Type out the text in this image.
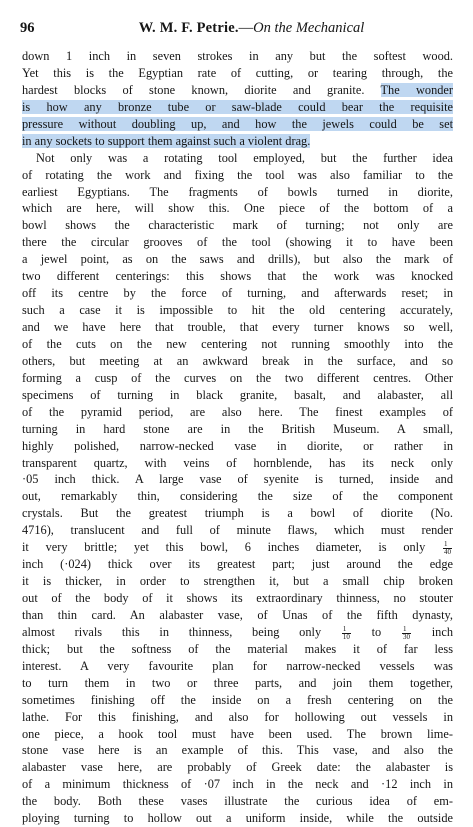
96	W. M. F. Petrie.—On the Mechanical

down 1 inch in seven strokes in any but the softest wood.
Yet this is the Egyptian rate of cutting, or tearing through, the
hardest blocks of stone known, diorite and granite. The wonder
is how any bronze tube or saw-blade could bear the requisite
pressure without doubling up, and how the jewels could be set
in any sockets to support them against such a violent drag.

Not only was a rotating tool employed, but the further idea
of rotating the work and fixing the tool was also familiar to the
earliest Egyptians. The fragments of bowls turned in diorite,
which are here, will show this. One piece of the bottom of a
bowl shows the characteristic mark of turning; not only are
there the circular grooves of the tool (showing it to have been
a jewel point, as on the saws and drills), but also the mark of
two different centerings: this shows that the work was knocked
off its centre by the force of turning, and afterwards reset; in
such a case it is impossible to hit the old centering accurately,
and we have here that trouble, that every turner knows so well,
of the cuts on the new centering not running smoothly into the
others, but meeting at an awkward break in the surface, and so
forming a cusp of the curves on the two different centres. Other
specimens of turning in black granite, basalt, and alabaster, all
of the pyramid period, are also here. The finest examples of
turning in hard stone are in the British Museum. A small,
highly polished, narrow-necked vase in diorite, or rather in
transparent quartz, with veins of hornblende, has its neck only
·05 inch thick. A large vase of syenite is turned, inside and
out, remarkably thin, considering the size of the component
crystals. But the greatest triumph is a bowl of diorite (No.
4716), translucent and full of minute flaws, which must render
it very brittle; yet this bowl, 6 inches diameter, is only	$\frac{1}{40}$
inch (·024) thick over its greatest part; just around the edge
it is thicker, in order to strengthen it, but a small chip broken
out of the body of it shows its extraordinary thinness, no stouter
than thin card. An alabaster vase, of Unas of the fifth dynasty,
almost rivals this in thinness, being only	$\frac{1}{10}$ to	$\frac{1}{30}$ inch
thick; but the softness of the material makes it of far less
interest. A very favourite plan for narrow-necked vessels was
to turn them in two or three parts, and join them together,
sometimes finishing off the inside on a fresh centering on the
lathe. For this finishing, and also for hollowing out vessels in
one piece, a hook tool must have been used. The brown lime-
stone vase here is an example of this. This vase, and also the
alabaster vase here, are probably of Greek date: the alabaster is
of a minimum thickness of ·07 inch in the neck and ·12 inch in
the body. Both these vases illustrate the curious idea of em-
ploying turning to hollow out a uniform inside, while the outside
